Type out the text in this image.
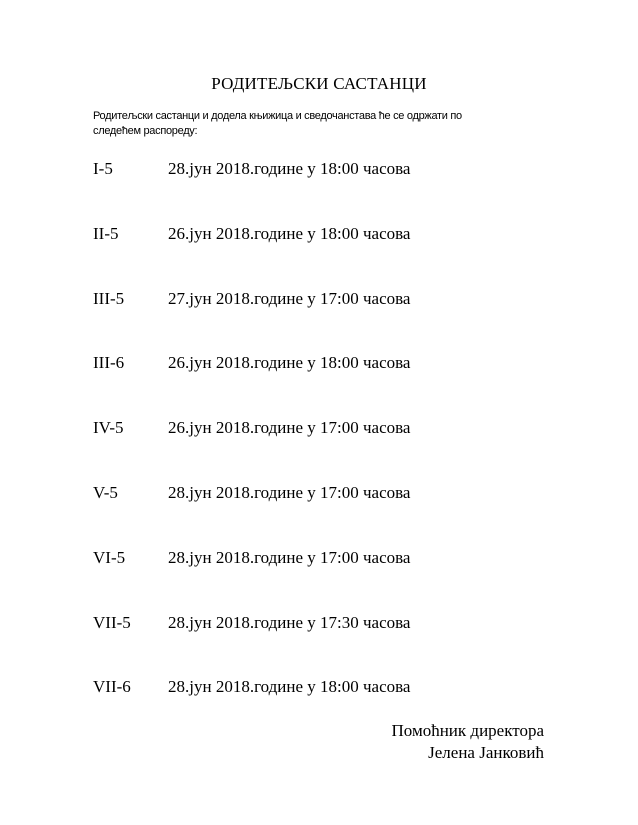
РОДИТЕЉСКИ САСТАНЦИ
Родитељски састанци и додела књижица и сведочанстава ће се одржати по
следећем распореду:
I-5	28.јун 2018.године у 18:00 часова
II-5	26.јун 2018.године у 18:00 часова
III-5	27.јун 2018.године у 17:00 часова
III-6	26.јун 2018.године у 18:00 часова
IV-5	26.јун 2018.године у 17:00 часова
V-5	28.јун 2018.године у 17:00 часова
VI-5	28.јун 2018.године у 17:00 часова
VII-5 28.јун 2018.године у 17:30 часова
VII-6 28.јун 2018.године у 18:00 часова
Помоћник директора
Јелена Јанковић
